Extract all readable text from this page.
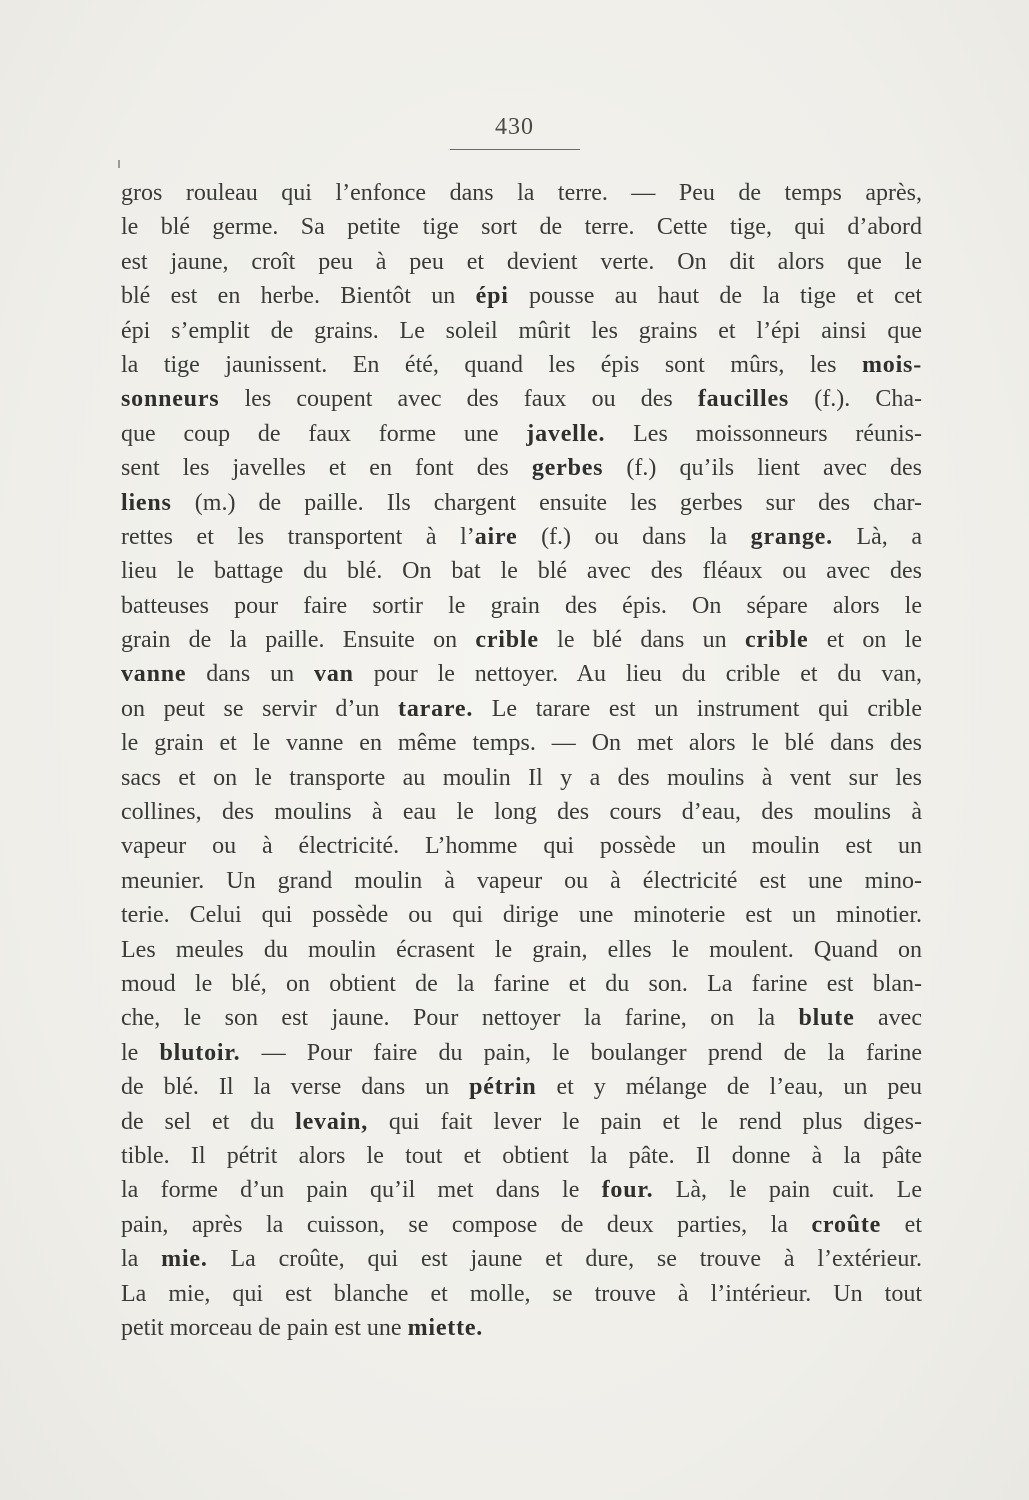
430
gros rouleau qui l’enfonce dans la terre. — Peu de temps après,
le blé germe. Sa petite tige sort de terre. Cette tige, qui d’abord
est jaune, croît peu à peu et devient verte. On dit alors que le
blé est en herbe. Bientôt un épi pousse au haut de la tige et cet
épi s’emplit de grains. Le soleil mûrit les grains et l’épi ainsi que
la tige jaunissent. En été, quand les épis sont mûrs, les mois-
sonneurs les coupent avec des faux ou des faucilles (f.). Cha-
que coup de faux forme une javelle. Les moissonneurs réunis-
sent les javelles et en font des gerbes (f.) qu’ils lient avec des
liens (m.) de paille. Ils chargent ensuite les gerbes sur des char-
rettes et les transportent à l’aire (f.) ou dans la grange. Là, a
lieu le battage du blé. On bat le blé avec des fléaux ou avec des
batteuses pour faire sortir le grain des épis. On sépare alors le
grain de la paille. Ensuite on crible le blé dans un crible et on le
vanne dans un van pour le nettoyer. Au lieu du crible et du van,
on peut se servir d’un tarare. Le tarare est un instrument qui crible
le grain et le vanne en même temps. — On met alors le blé dans des
sacs et on le transporte au moulin Il y a des moulins à vent sur les
collines, des moulins à eau le long des cours d’eau, des moulins à
vapeur ou à électricité. L’homme qui possède un moulin est un
meunier. Un grand moulin à vapeur ou à électricité est une mino-
terie. Celui qui possède ou qui dirige une minoterie est un minotier.
Les meules du moulin écrasent le grain, elles le moulent. Quand on
moud le blé, on obtient de la farine et du son. La farine est blan-
che, le son est jaune. Pour nettoyer la farine, on la blute avec
le blutoir. — Pour faire du pain, le boulanger prend de la farine
de blé. Il la verse dans un pétrin et y mélange de l’eau, un peu
de sel et du levain, qui fait lever le pain et le rend plus diges-
tible. Il pétrit alors le tout et obtient la pâte. Il donne à la pâte
la forme d’un pain qu’il met dans le four. Là, le pain cuit. Le
pain, après la cuisson, se compose de deux parties, la croûte et
la mie. La croûte, qui est jaune et dure, se trouve à l’extérieur.
La mie, qui est blanche et molle, se trouve à l’intérieur. Un tout
petit morceau de pain est une miette.
